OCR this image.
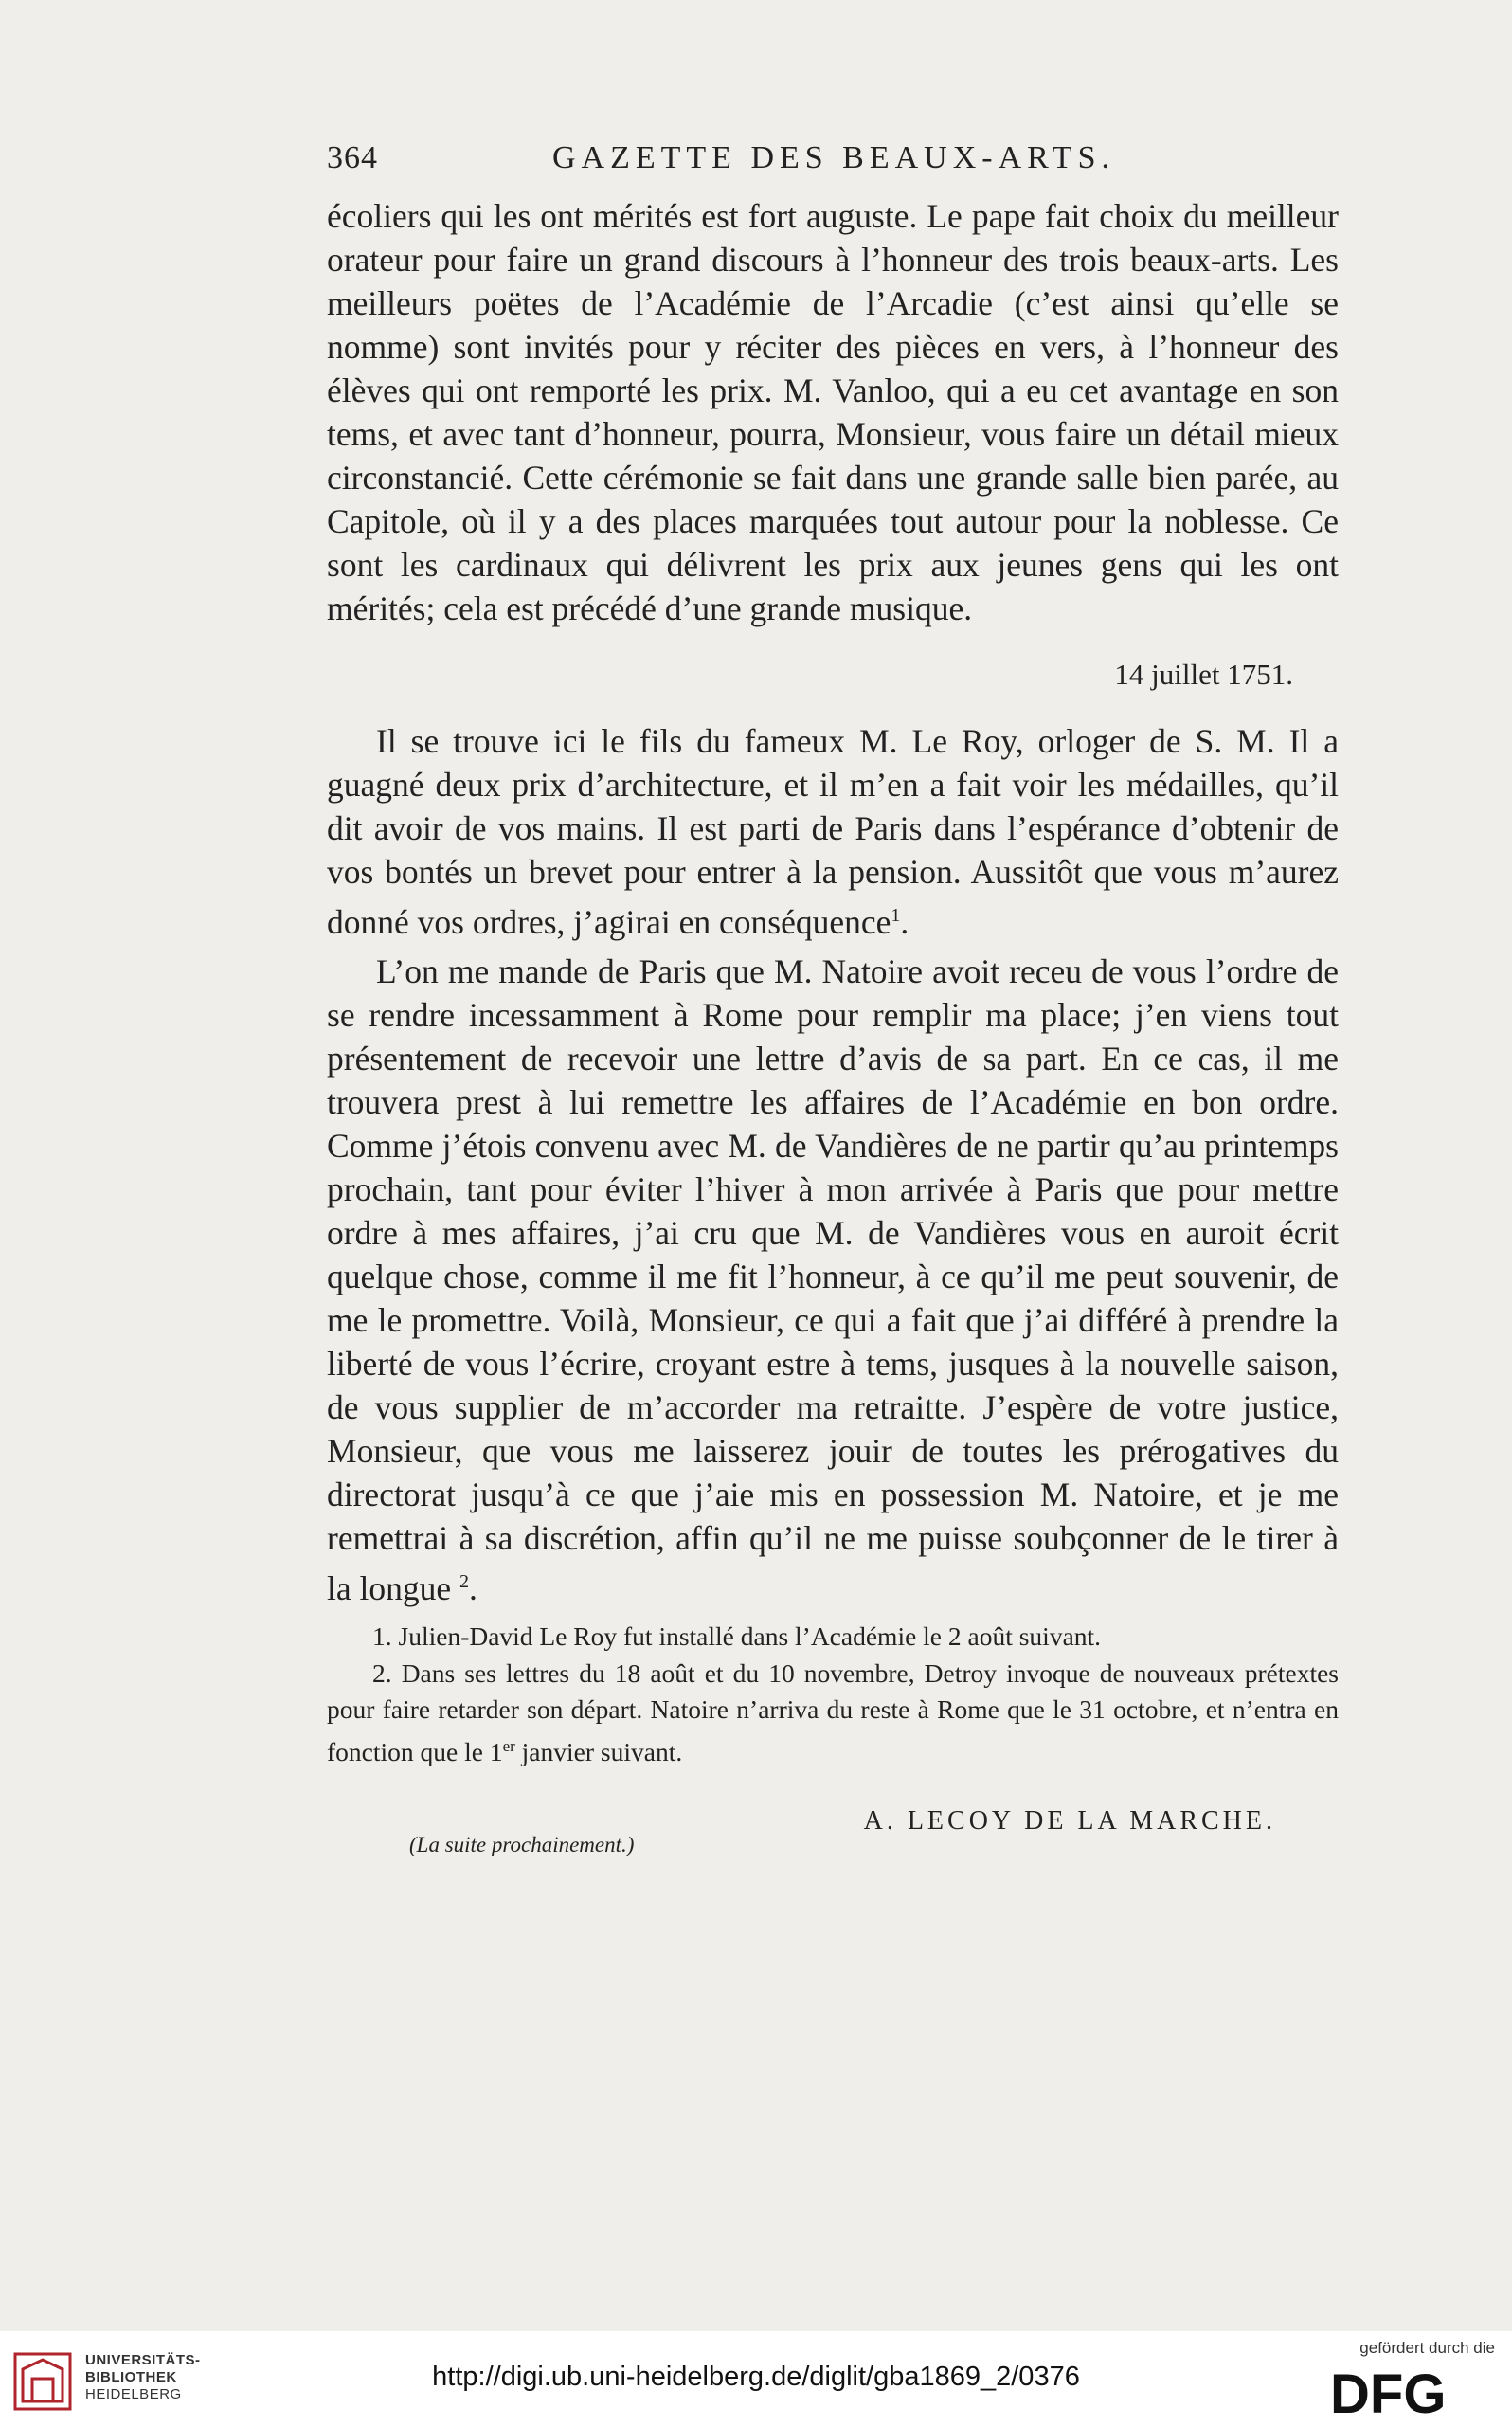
364	GAZETTE DES BEAUX-ARTS.

écoliers qui les ont mérités est fort auguste. Le pape fait choix du meilleur orateur pour faire un grand discours à l’honneur des trois beaux-arts. Les meilleurs poëtes de l’Académie de l’Arcadie (c’est ainsi qu’elle se nomme) sont invités pour y réciter des pièces en vers, à l’honneur des élèves qui ont remporté les prix. M. Vanloo, qui a eu cet avantage en son tems, et avec tant d’honneur, pourra, Monsieur, vous faire un détail mieux circonstancié. Cette cérémonie se fait dans une grande salle bien parée, au Capitole, où il y a des places marquées tout autour pour la noblesse. Ce sont les cardinaux qui délivrent les prix aux jeunes gens qui les ont mérités; cela est précédé d’une grande musique.

14 juillet 1751.

Il se trouve ici le fils du fameux M. Le Roy, orloger de S. M. Il a guagné deux prix d’architecture, et il m’en a fait voir les médailles, qu’il dit avoir de vos mains. Il est parti de Paris dans l’espérance d’obtenir de vos bontés un brevet pour entrer à la pension. Aussitôt que vous m’aurez donné vos ordres, j’agirai en conséquence$^1$.

L’on me mande de Paris que M. Natoire avoit receu de vous l’ordre de se rendre incessamment à Rome pour remplir ma place; j’en viens tout présentement de recevoir une lettre d’avis de sa part. En ce cas, il me trouvera prest à lui remettre les affaires de l’Académie en bon ordre. Comme j’étois convenu avec M. de Vandières de ne partir qu’au printemps prochain, tant pour éviter l’hiver à mon arrivée à Paris que pour mettre ordre à mes affaires, j’ai cru que M. de Vandières vous en auroit écrit quelque chose, comme il me fit l’honneur, à ce qu’il me peut souvenir, de me le promettre. Voilà, Monsieur, ce qui a fait que j’ai différé à prendre la liberté de vous l’écrire, croyant estre à tems, jusques à la nouvelle saison, de vous supplier de m’accorder ma retraitte. J’espère de votre justice, Monsieur, que vous me laisserez jouir de toutes les prérogatives du directorat jusqu’à ce que j’aie mis en possession M. Natoire, et je me remettrai à sa discrétion, affin qu’il ne me puisse soubçonner de le tirer à la longue $^2$.

1. Julien-David Le Roy fut installé dans l’Académie le 2 août suivant.

2. Dans ses lettres du 18 août et du 10 novembre, Detroy invoque de nouveaux prétextes pour faire retarder son départ. Natoire n’arriva du reste à Rome que le 31 octobre, et n’entra en fonction que le 1er janvier suivant.

A. LECOY DE LA MARCHE.
(La suite prochainement.)
UNIVERSITÄTS-
BIBLIOTHEK
HEIDELBERG
http://digi.ub.uni-heidelberg.de/diglit/gba1869_2/0376
gefördert durch die
DFG
